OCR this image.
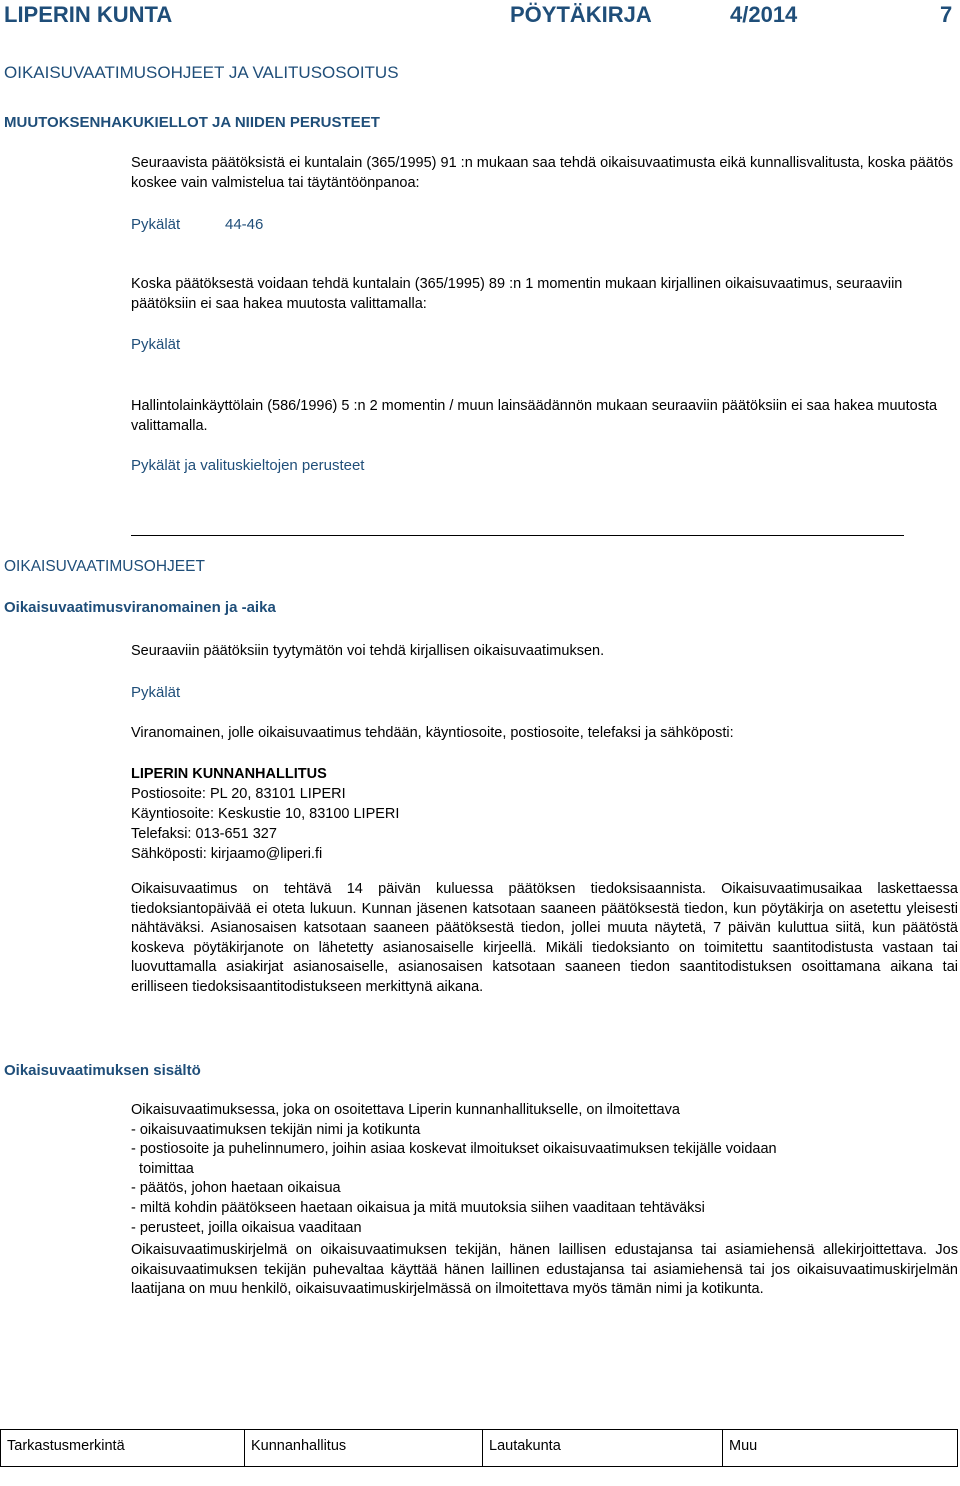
LIPERIN KUNTA	PÖYTÄKIRJA	4/2014	7
OIKAISUVAATIMUSOHJEET JA VALITUSOSOITUS
MUUTOKSENHAKUKIELLOT JA NIIDEN PERUSTEET
Seuraavista päätöksistä ei kuntalain (365/1995) 91 :n mukaan saa tehdä oikaisuvaatimusta eikä kunnallisvalitusta, koska päätös koskee vain valmistelua tai täytäntöönpanoa:
Pykälät	44-46
Koska päätöksestä voidaan tehdä kuntalain (365/1995) 89 :n 1 momentin mukaan kirjallinen oikaisuvaatimus, seuraaviin päätöksiin ei saa hakea muutosta valittamalla:
Pykälät
Hallintolainkäyttölain (586/1996) 5 :n 2 momentin / muun lainsäädännön mukaan seuraaviin päätöksiin ei saa hakea muutosta valittamalla.
Pykälät ja valituskieltojen perusteet
OIKAISUVAATIMUSOHJEET
Oikaisuvaatimusviranomainen ja -aika
Seuraaviin päätöksiin tyytymätön voi tehdä kirjallisen oikaisuvaatimuksen.
Pykälät
Viranomainen, jolle oikaisuvaatimus tehdään, käyntiosoite, postiosoite, telefaksi ja sähköposti:
LIPERIN KUNNANHALLITUS
Postiosoite: PL 20, 83101 LIPERI
Käyntiosoite: Keskustie 10, 83100 LIPERI
Telefaksi: 013-651 327
Sähköposti: kirjaamo@liperi.fi
Oikaisuvaatimus on tehtävä 14 päivän kuluessa päätöksen tiedoksisaannista. Oikaisuvaatimusaikaa laskettaessa tiedoksiantopäivää ei oteta lukuun. Kunnan jäsenen katsotaan saaneen päätöksestä tiedon, kun pöytäkirja on asetettu yleisesti nähtäväksi. Asianosaisen katsotaan saaneen päätöksestä tiedon, jollei muuta näytetä, 7 päivän kuluttua siitä, kun päätöstä koskeva pöytäkirjanote on lähetetty asianosaiselle kirjeellä. Mikäli tiedoksianto on toimitettu saantitodistusta vastaan tai luovuttamalla asiakirjat asianosaiselle, asianosaisen katsotaan saaneen tiedon saantitodistuksen osoittamana aikana tai erilliseen tiedoksisaantitodistukseen merkittynä aikana.
Oikaisuvaatimuksen sisältö
Oikaisuvaatimuksessa, joka on osoitettava Liperin kunnanhallitukselle, on ilmoitettava
- oikaisuvaatimuksen tekijän nimi ja kotikunta
- postiosoite ja puhelinnumero, joihin asiaa koskevat ilmoitukset oikaisuvaatimuksen tekijälle voidaan
toimittaa
- päätös, johon haetaan oikaisua
- miltä kohdin päätökseen haetaan oikaisua ja mitä muutoksia siihen vaaditaan tehtäväksi
- perusteet, joilla oikaisua vaaditaan
Oikaisuvaatimuskirjelmä on oikaisuvaatimuksen tekijän, hänen laillisen edustajansa tai asiamiehensä allekirjoittettava. Jos oikaisuvaatimuksen tekijän puhevaltaa käyttää hänen laillinen edustajansa tai asiamiehensä tai jos oikaisuvaatimuskirjelmän laatijana on muu henkilö, oikaisuvaatimuskirjelmässä on ilmoitettava myös tämän nimi ja kotikunta.
Tarkastusmerkintä	Kunnanhallitus	Lautakunta	Muu
